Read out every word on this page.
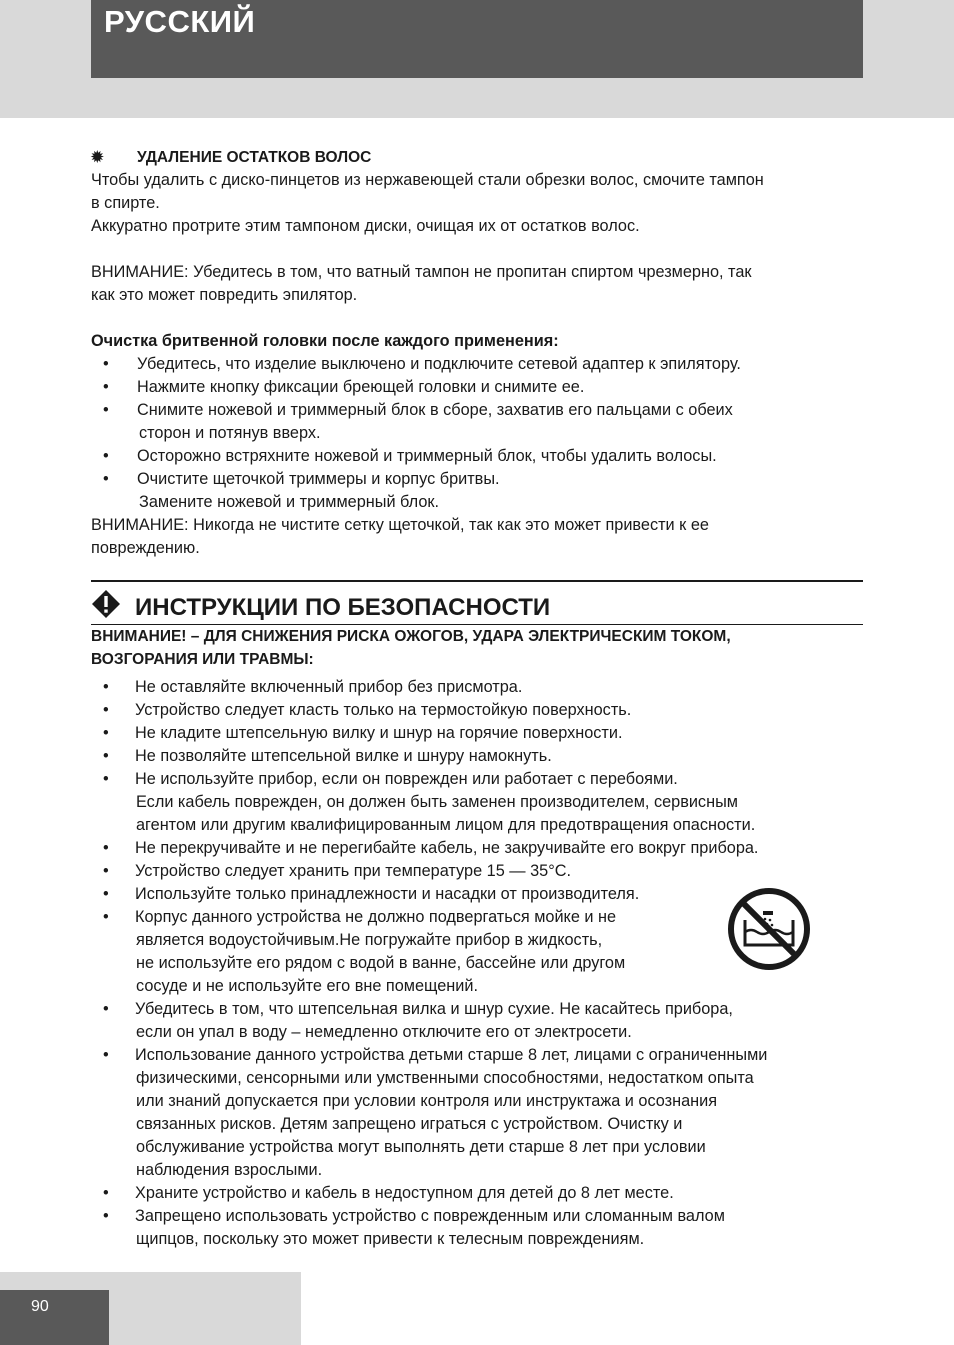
РУССКИЙ
✹ УДАЛЕНИЕ ОСТАТКОВ ВОЛОС
Чтобы удалить с диско-пинцетов из нержавеющей стали обрезки волос, смочите тампон
в спирте.
Аккуратно протрите этим тампоном диски, очищая их от остатков волос.
ВНИМАНИЕ: Убедитесь в том, что ватный тампон не пропитан спиртом чрезмерно, так
как это может повредить эпилятор.
Очистка бритвенной головки после каждого применения:
• Убедитесь, что изделие выключено и подключите сетевой адаптер к эпилятору.
• Нажмите кнопку фиксации бреющей головки и снимите ее.
• Снимите ножевой и триммерный блок в сборе, захватив его пальцами с обеих
сторон и потянув вверх.
• Осторожно встряхните ножевой и триммерный блок, чтобы удалить волосы.
• Очистите щеточкой триммеры и корпус бритвы.
Замените ножевой и триммерный блок.
ВНИМАНИЕ: Никогда не чистите сетку щеточкой, так как это может привести к ее
повреждению.
ИНСТРУКЦИИ ПО БЕЗОПАСНОСТИ
ВНИМАНИЕ! – ДЛЯ СНИЖЕНИЯ РИСКА ОЖОГОВ, УДАРА ЭЛЕКТРИЧЕСКИМ ТОКОМ,
ВОЗГОРАНИЯ ИЛИ ТРАВМЫ:
• Не оставляйте включенный прибор без присмотра.
• Устройство следует класть только на термостойкую поверхность.
• Не кладите штепсельную вилку и шнур на горячие поверхности.
• Не позволяйте штепсельной вилке и шнуру намокнуть.
• Не используйте прибор, если он поврежден или работает с перебоями.
Если кабель поврежден, он должен быть заменен производителем, сервисным
агентом или другим квалифицированным лицом для предотвращения опасности.
• Не перекручивайте и не перегибайте кабель, не закручивайте его вокруг прибора.
• Устройство следует хранить при температуре 15 — 35°C.
• Используйте только принадлежности и насадки от производителя.
• Корпус данного устройства не должно подвергаться мойке и не
является водоустойчивым.Не погружайте прибор в жидкость,
не используйте его рядом с водой в ванне, бассейне или другом
сосуде и не используйте его вне помещений.
• Убедитесь в том, что штепсельная вилка и шнур сухие. Не касайтесь прибора,
если он упал в воду – немедленно отключите его от электросети.
• Использование данного устройства детьми старше 8 лет, лицами с ограниченными
физическими, сенсорными или умственными способностями, недостатком опыта
или знаний допускается при условии контроля или инструктажа и осознания
связанных рисков. Детям запрещено играться с устройством. Очистку и
обслуживание устройства могут выполнять дети старше 8 лет при условии
наблюдения взрослыми.
• Храните устройство и кабель в недоступном для детей до 8 лет месте.
• Запрещено использовать устройство с поврежденным или сломанным валом
щипцов, поскольку это может привести к телесным повреждениям.
90
